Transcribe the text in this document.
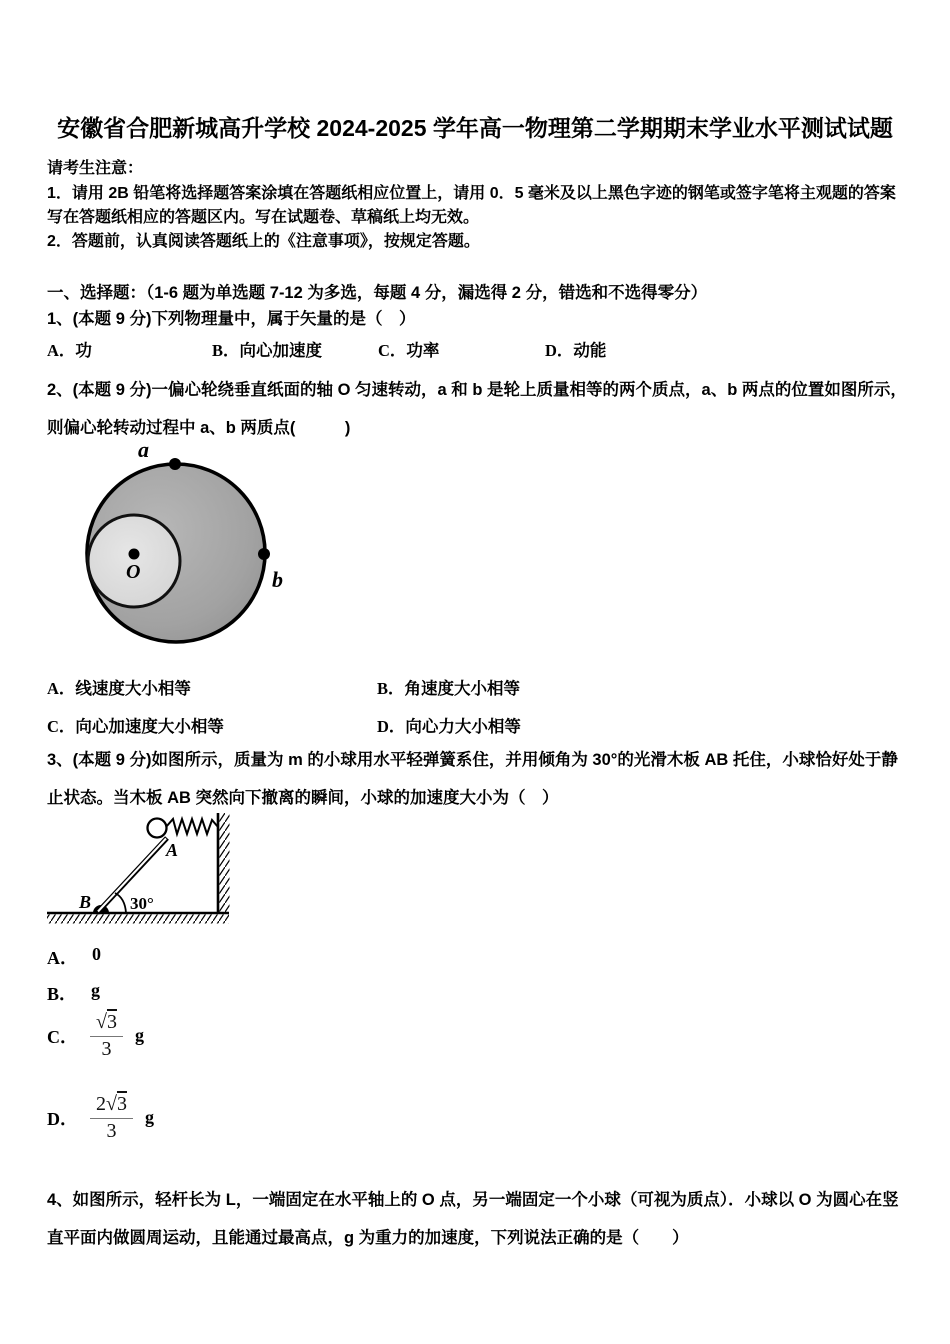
安徽省合肥新城高升学校 2024-2025 学年高一物理第二学期期末学业水平测试试题
请考生注意：
1．请用 2B 铅笔将选择题答案涂填在答题纸相应位置上，请用 0．5 毫米及以上黑色字迹的钢笔或签字笔将主观题的答案写在答题纸相应的答题区内。写在试题卷、草稿纸上均无效。
2．答题前，认真阅读答题纸上的《注意事项》，按规定答题。
一、选择题：（1-6 题为单选题 7-12 为多选，每题 4 分，漏选得 2 分，错选和不选得零分）
1、(本题 9 分)下列物理量中，属于矢量的是（　）
A．功	B．向心加速度	C．功率	D．动能
2、(本题 9 分)一偏心轮绕垂直纸面的轴 O 匀速转动，a 和 b 是轮上质量相等的两个质点，a、b 两点的位置如图所示，则偏心轮转动过程中 a、b 两质点(　　　)
a
b
O
A．线速度大小相等	B．角速度大小相等
C．向心加速度大小相等	D．向心力大小相等
3、(本题 9 分)如图所示，质量为 m 的小球用水平轻弹簧系住，并用倾角为 30°的光滑木板 AB 托住，小球恰好处于静止状态。当木板 AB 突然向下撤离的瞬间，小球的加速度大小为（　）
A
B 30°
A． 0
B． g
C． $\frac{√3}{3}$ g
D． $\frac{2√3}{3}$ g
4、如图所示，轻杆长为 L，一端固定在水平轴上的 O 点，另一端固定一个小球（可视为质点）．小球以 O 为圆心在竖直平面内做圆周运动，且能通过最高点，g 为重力的加速度，下列说法正确的是（　　）
